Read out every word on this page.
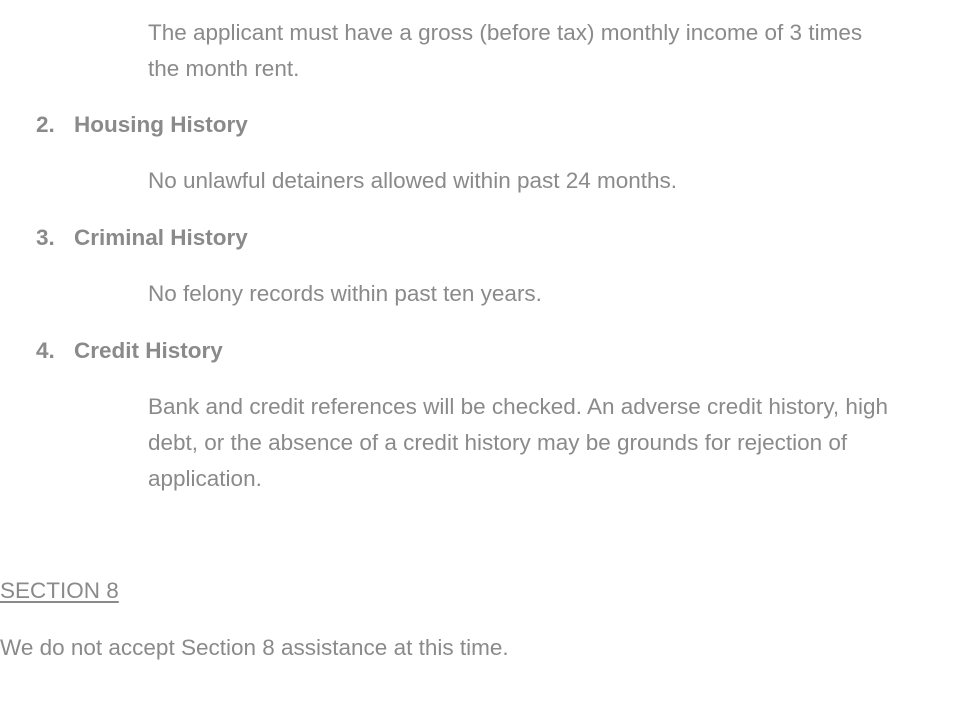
The applicant must have a gross (before tax) monthly income of 3 times
the month rent.
2. Housing History
No unlawful detainers allowed within past 24 months.
3. Criminal History
No felony records within past ten years.
4. Credit History
Bank and credit references will be checked. An adverse credit history, high
debt, or the absence of a credit history may be grounds for rejection of
application.
SECTION 8
We do not accept Section 8 assistance at this time.
